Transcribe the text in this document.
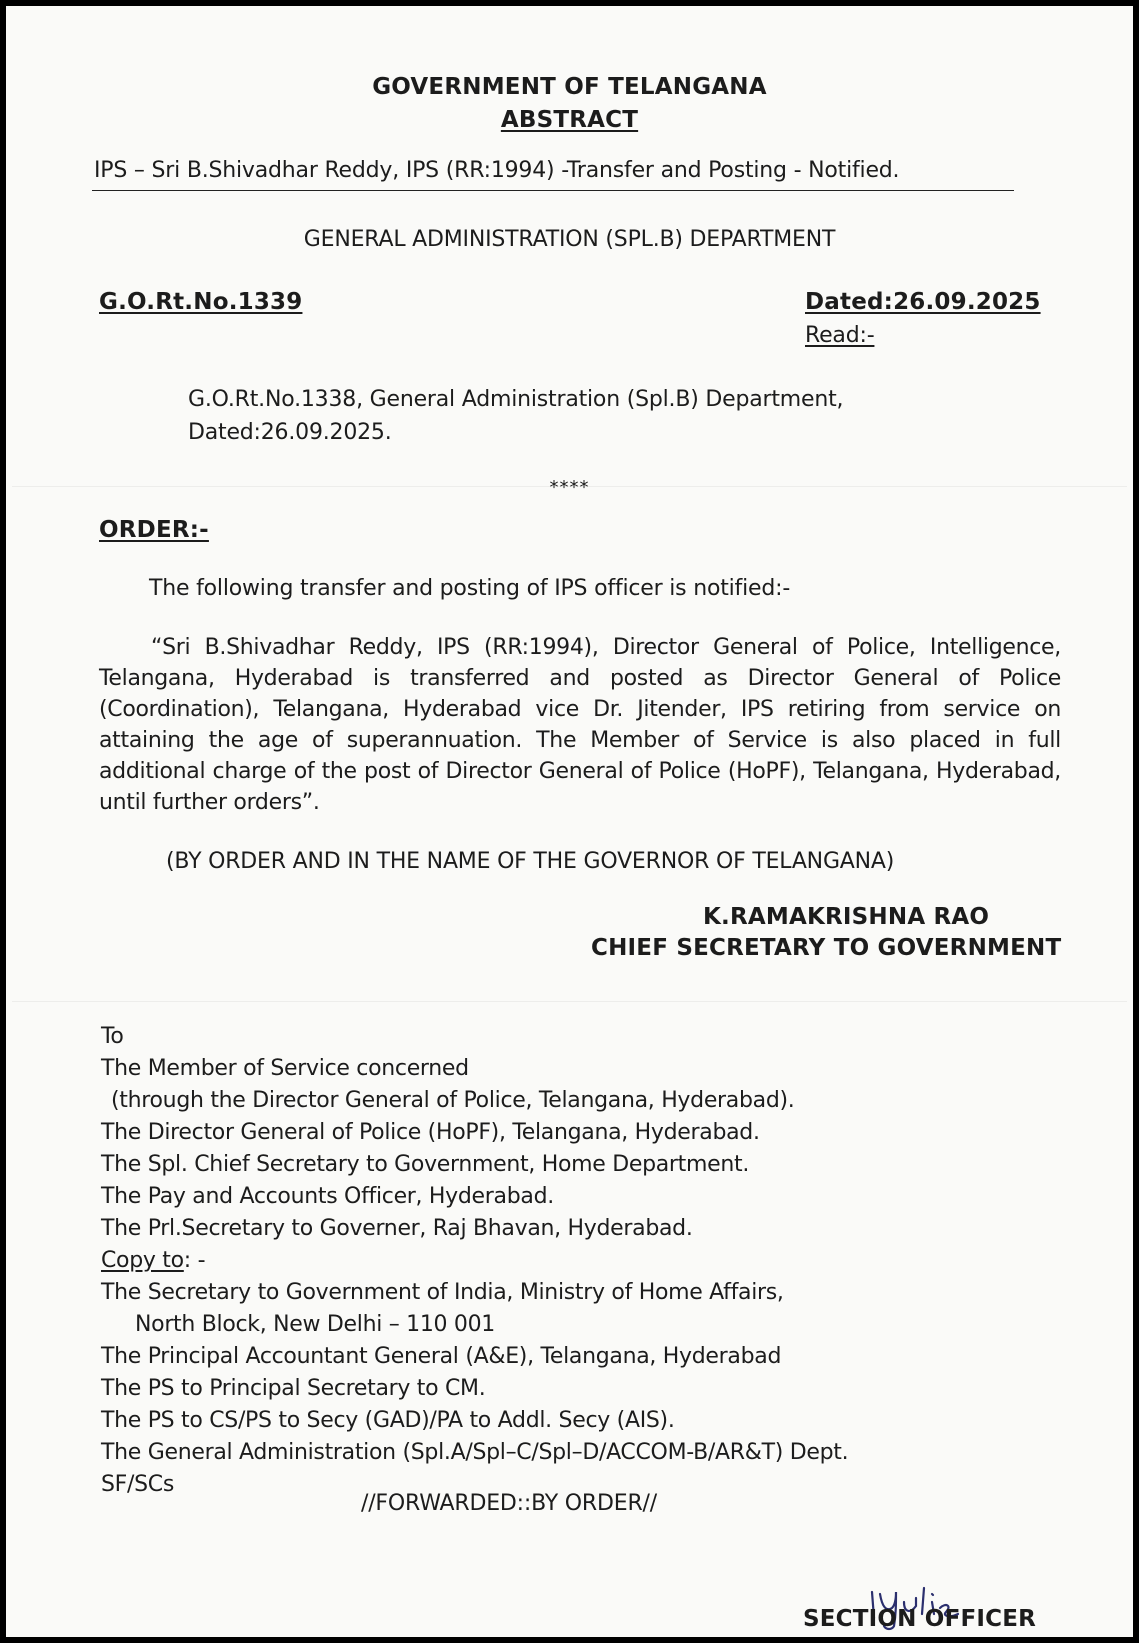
GOVERNMENT OF TELANGANA
ABSTRACT
IPS – Sri B.Shivadhar Reddy, IPS (RR:1994) -Transfer and Posting - Notified.
GENERAL ADMINISTRATION (SPL.B) DEPARTMENT
G.O.Rt.No.1339	Dated:26.09.2025
Read:-
G.O.Rt.No.1338, General Administration (Spl.B) Department,
Dated:26.09.2025.
****
ORDER:-
The following transfer and posting of IPS officer is notified:-
“Sri B.Shivadhar Reddy, IPS (RR:1994), Director General of Police, Intelligence, Telangana, Hyderabad is transferred and posted as Director General of Police (Coordination), Telangana, Hyderabad vice Dr. Jitender, IPS retiring from service on attaining the age of superannuation. The Member of Service is also placed in full additional charge of the post of Director General of Police (HoPF), Telangana, Hyderabad, until further orders”.
(BY ORDER AND IN THE NAME OF THE GOVERNOR OF TELANGANA)
K.RAMAKRISHNA RAO
CHIEF SECRETARY TO GOVERNMENT
To
The Member of Service concerned
(through the Director General of Police, Telangana, Hyderabad).
The Director General of Police (HoPF), Telangana, Hyderabad.
The Spl. Chief Secretary to Government, Home Department.
The Pay and Accounts Officer, Hyderabad.
The Prl.Secretary to Governer, Raj Bhavan, Hyderabad.
Copy to: -
The Secretary to Government of India, Ministry of Home Affairs,
North Block, New Delhi – 110 001
The Principal Accountant General (A&E), Telangana, Hyderabad
The PS to Principal Secretary to CM.
The PS to CS/PS to Secy (GAD)/PA to Addl. Secy (AIS).
The General Administration (Spl.A/Spl–C/Spl–D/ACCOM-B/AR&T) Dept.
SF/SCs
//FORWARDED::BY ORDER//
SECTION OFFICER
